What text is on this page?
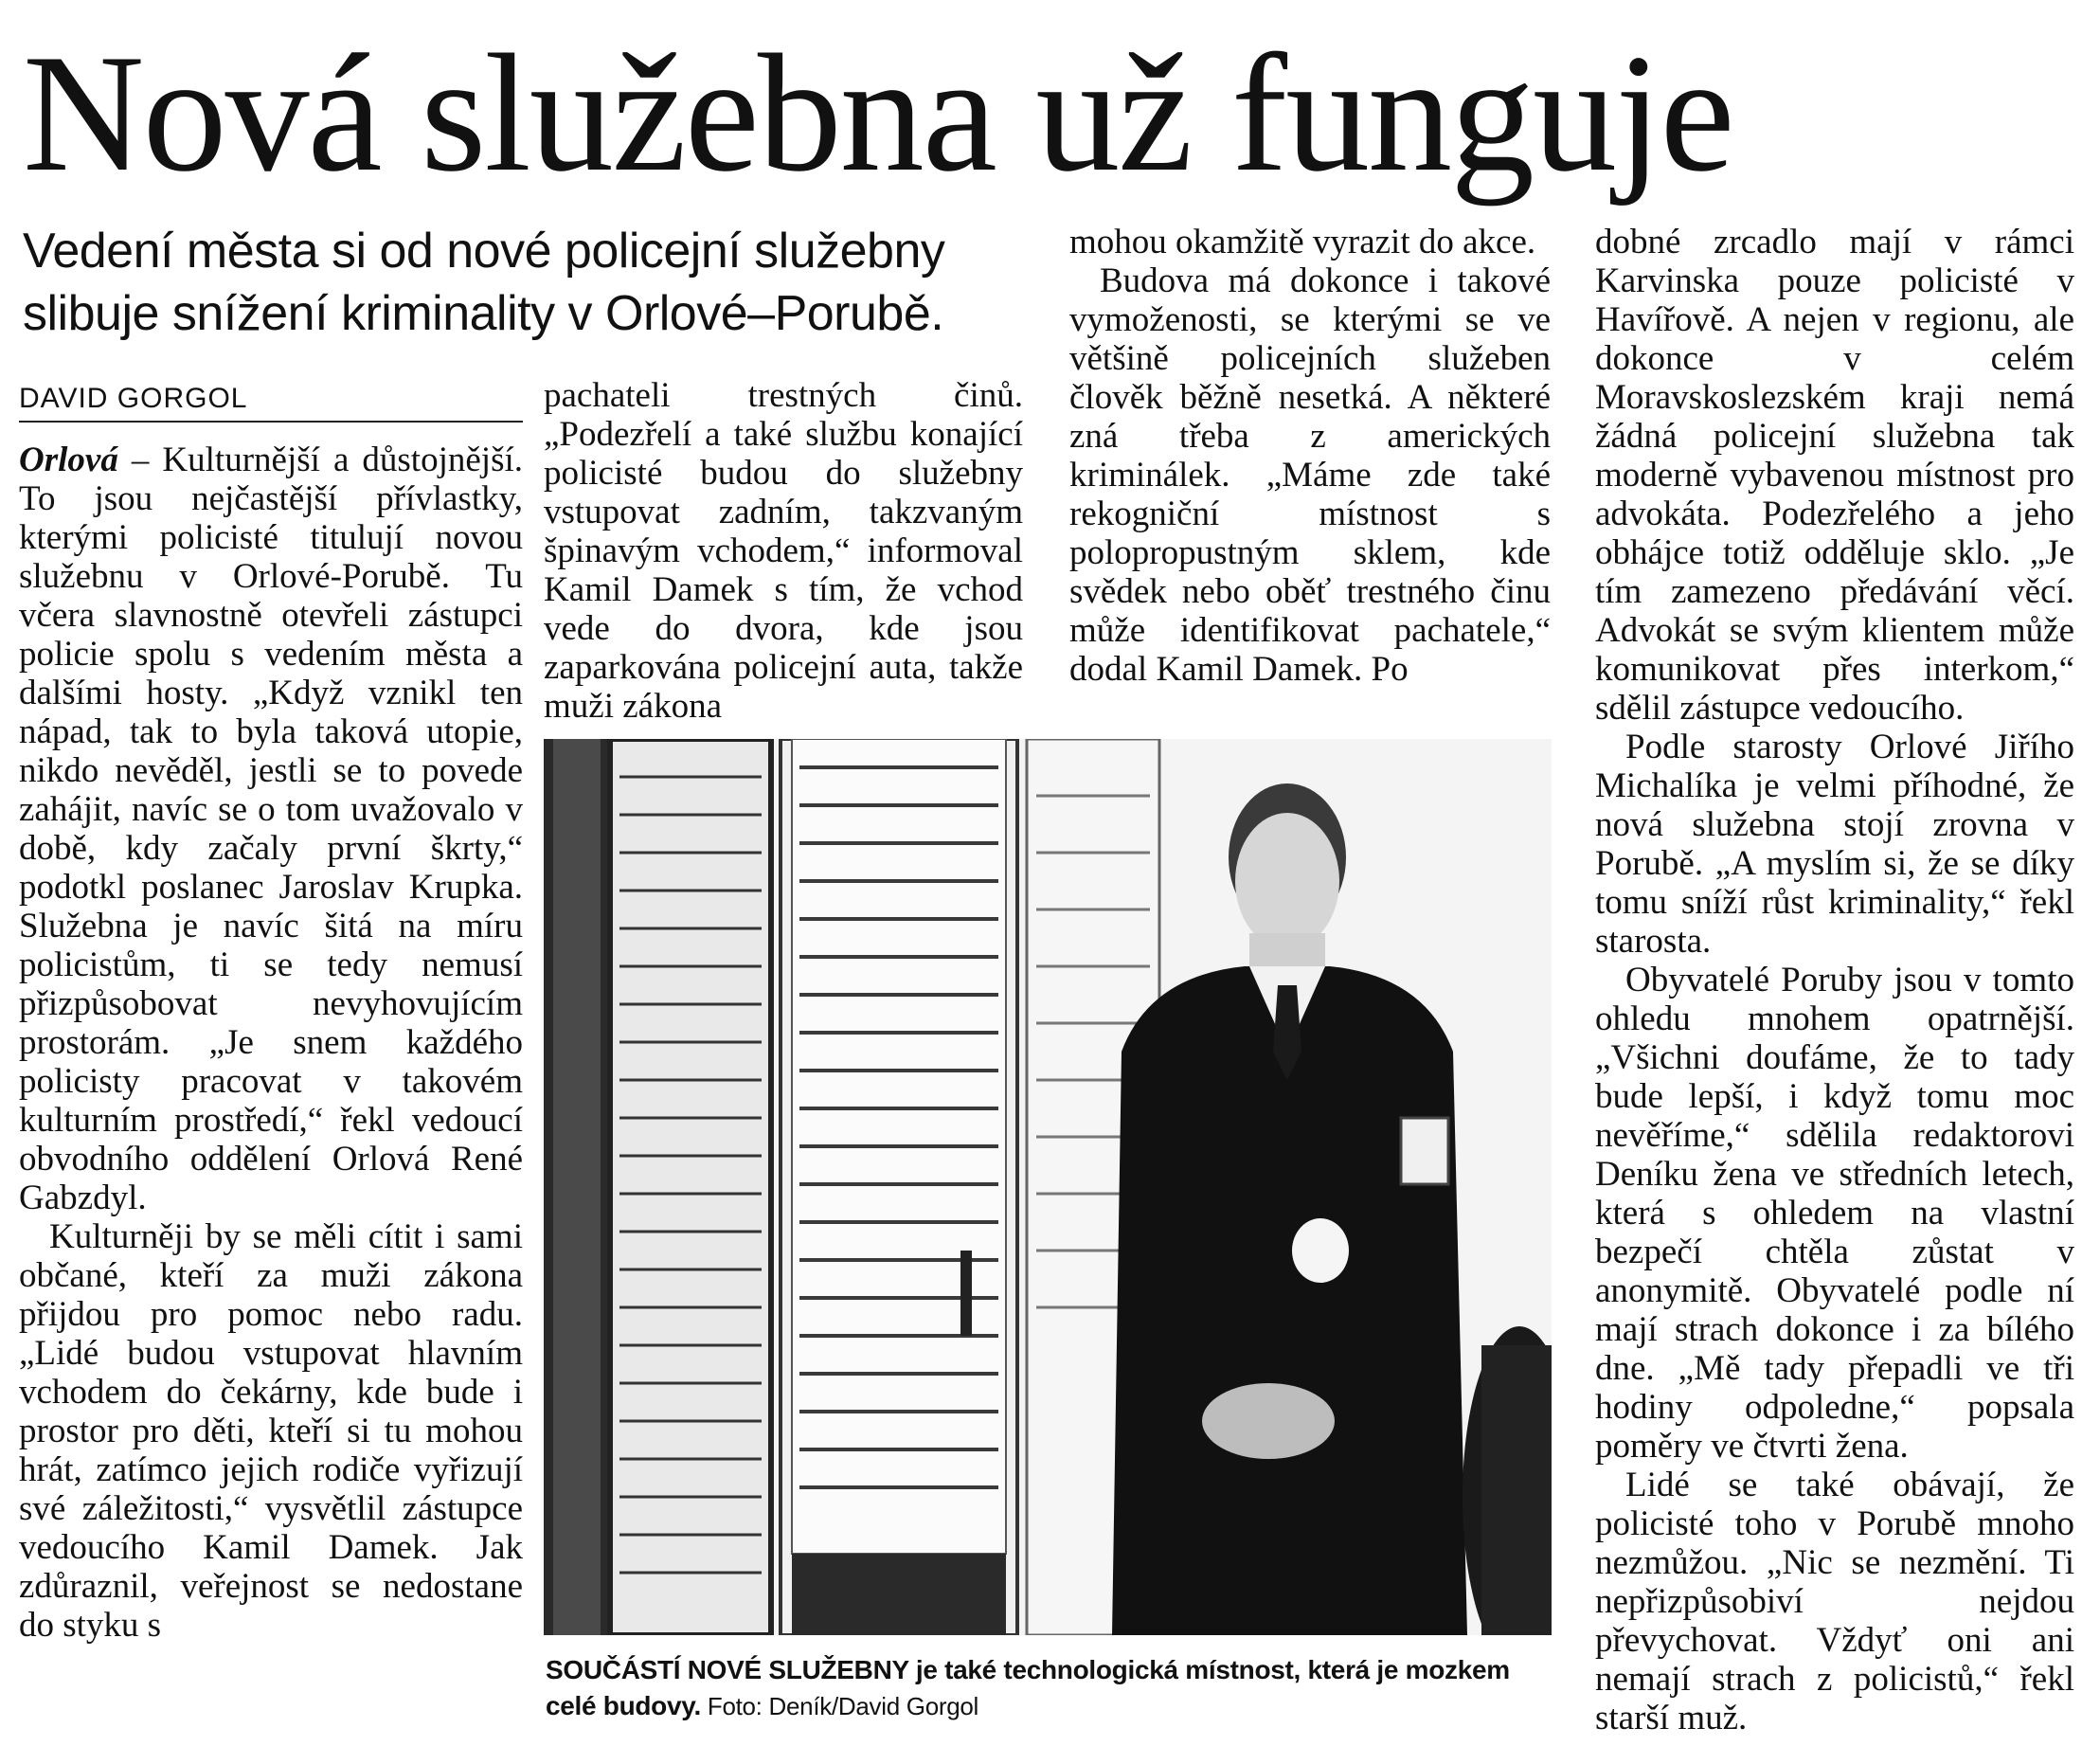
Nová služebna už funguje
Vedení města si od nové policejní služebny slibuje snížení kriminality v Orlové–Porubě.
DAVID GORGOL

Orlová – Kulturnější a důstojnější. To jsou nejčastější přívlastky, kterými policisté titulují novou služebnu v Orlové-Porubě. Tu včera slavnostně otevřeli zástupci policie spolu s vedením města a dalšími hosty. „Když vznikl ten nápad, tak to byla taková utopie, nikdo nevěděl, jestli se to povede zahájit, navíc se o tom uvažovalo v době, kdy začaly první škrty,“ podotkl poslanec Jaroslav Krupka. Služebna je navíc šitá na míru policistům, ti se tedy nemusí přizpůsobovat nevyhovujícím prostorám. „Je snem každého policisty pracovat v takovém kulturním prostředí,“ řekl vedoucí obvodního oddělení Orlová René Gabzdyl.

Kulturněji by se měli cítit i sami občané, kteří za muži zákona přijdou pro pomoc nebo radu. „Lidé budou vstupovat hlavním vchodem do čekárny, kde bude i prostor pro děti, kteří si tu mohou hrát, zatímco jejich rodiče vyřizují své záležitosti,“ vysvětlil zástupce vedoucího Kamil Damek. Jak zdůraznil, veřejnost se nedostane do styku s

pachateli trestných činů. „Podezřelí a také službu konající policisté budou do služebny vstupovat zadním, takzvaným špinavým vchodem,“ informoval Kamil Damek s tím, že vchod vede do dvora, kde jsou zaparkována policejní auta, takže muži zákona

mohou okamžitě vyrazit do akce.

Budova má dokonce i takové vymoženosti, se kterými se ve většině policejních služeben člověk běžně nesetká. A některé zná třeba z amerických kriminálek. „Máme zde také rekogniční místnost s polopropustným sklem, kde svědek nebo oběť trestného činu může identifikovat pachatele,“ dodal Kamil Damek. Po

dobné zrcadlo mají v rámci Karvinska pouze policisté v Havířově. A nejen v regionu, ale dokonce v celém Moravskoslezském kraji nemá žádná policejní služebna tak moderně vybavenou místnost pro advokáta. Podezřelého a jeho obhájce totiž odděluje sklo. „Je tím zamezeno předávání věcí. Advokát se svým klientem může komunikovat přes interkom,“ sdělil zástupce vedoucího.

Podle starosty Orlové Jiřího Michalíka je velmi příhodné, že nová služebna stojí zrovna v Porubě. „A myslím si, že se díky tomu sníží růst kriminality,“ řekl starosta.

Obyvatelé Poruby jsou v tomto ohledu mnohem opatrnější. „Všichni doufáme, že to tady bude lepší, i když tomu moc nevěříme,“ sdělila redaktorovi Deníku žena ve středních letech, která s ohledem na vlastní bezpečí chtěla zůstat v anonymitě. Obyvatelé podle ní mají strach dokonce i za bílého dne. „Mě tady přepadli ve tři hodiny odpoledne,“ popsala poměry ve čtvrti žena.

Lidé se také obávají, že policisté toho v Porubě mnoho nezmůžou. „Nic se nezmění. Ti nepřizpůsobiví nejdou převychovat. Vždyť oni ani nemají strach z policistů,“ řekl starší muž.

SOUČÁSTÍ NOVÉ SLUŽEBNY je také technologická místnost, která je mozkem celé budovy. Foto: Deník/David Gorgol
